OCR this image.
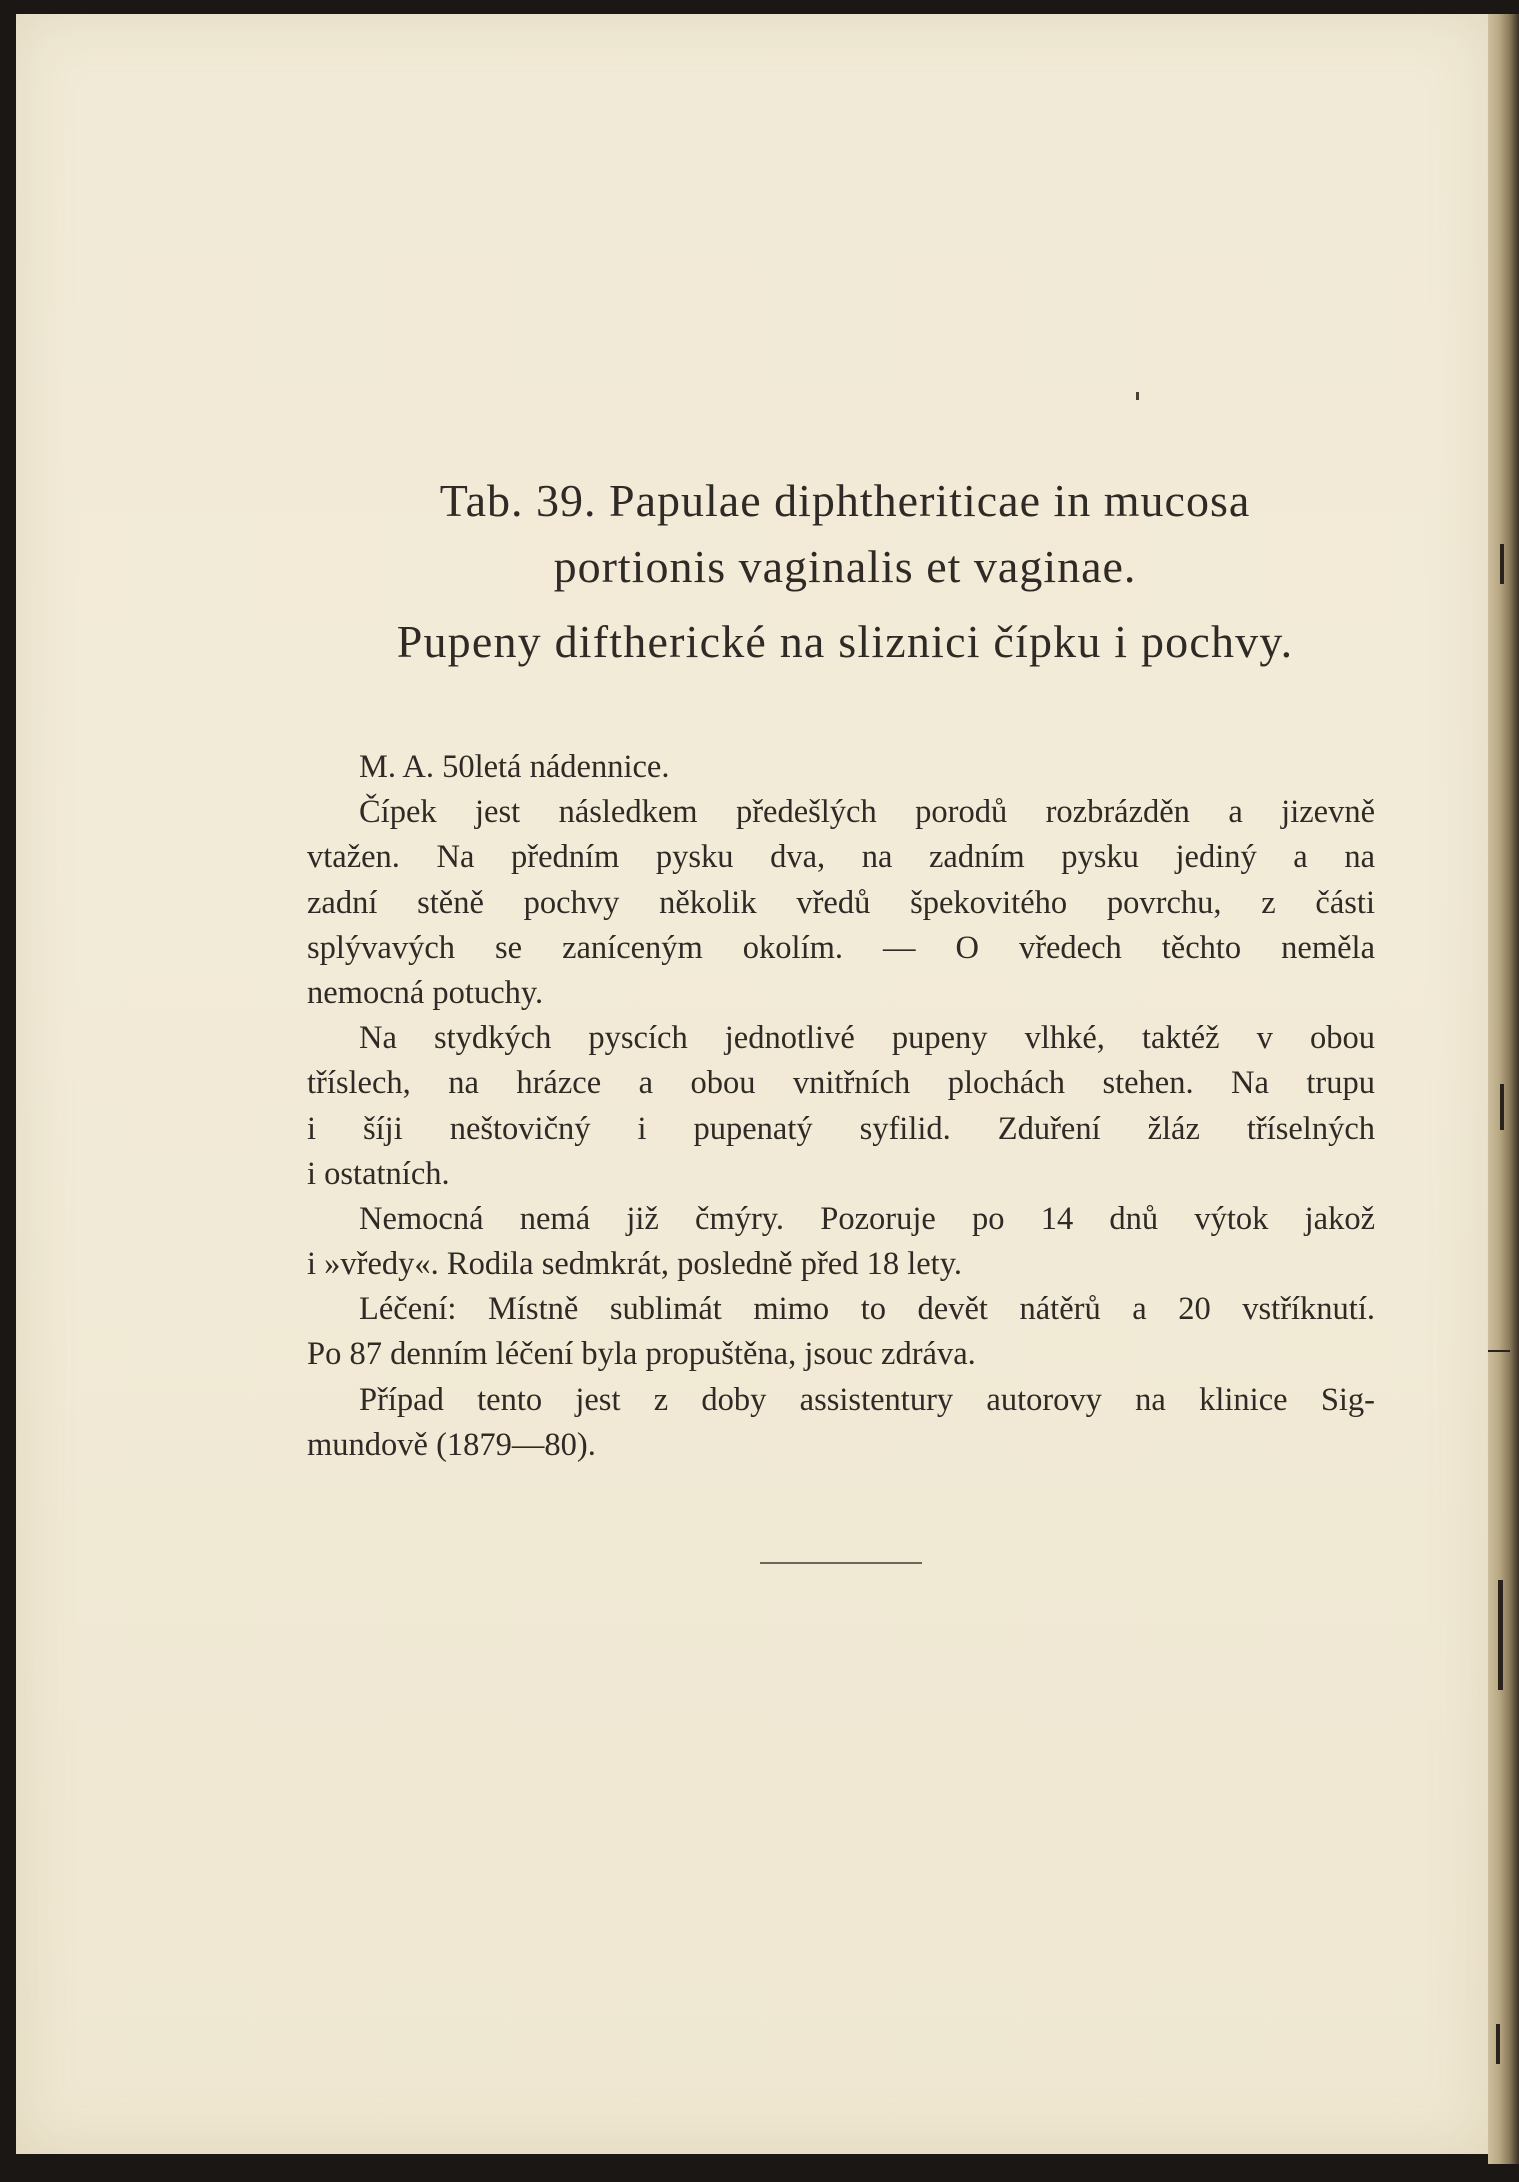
Tab. 39. Papulae diphtheriticae in mucosa
portionis vaginalis et vaginae.
Pupeny diftherické na sliznici čípku i pochvy.
M. A. 50letá nádennice.
Čípek jest následkem předešlých porodů rozbrázděn a jizevně
vtažen. Na předním pysku dva, na zadním pysku jediný a na
zadní stěně pochvy několik vředů špekovitého povrchu, z části
splývavých se zaníceným okolím. — O vředech těchto neměla
nemocná potuchy.
Na stydkých pyscích jednotlivé pupeny vlhké, taktéž v obou
tříslech, na hrázce a obou vnitřních plochách stehen. Na trupu
i šíji neštovičný i pupenatý syfilid. Zduření žláz tříselných
i ostatních.
Nemocná nemá již čmýry. Pozoruje po 14 dnů výtok jakož
i »vředy«. Rodila sedmkrát, posledně před 18 lety.
Léčení: Místně sublimát mimo to devět nátěrů a 20 vstříknutí.
Po 87 denním léčení byla propuštěna, jsouc zdráva.
Případ tento jest z doby assistentury autorovy na klinice Sig-
mundově (1879—80).
